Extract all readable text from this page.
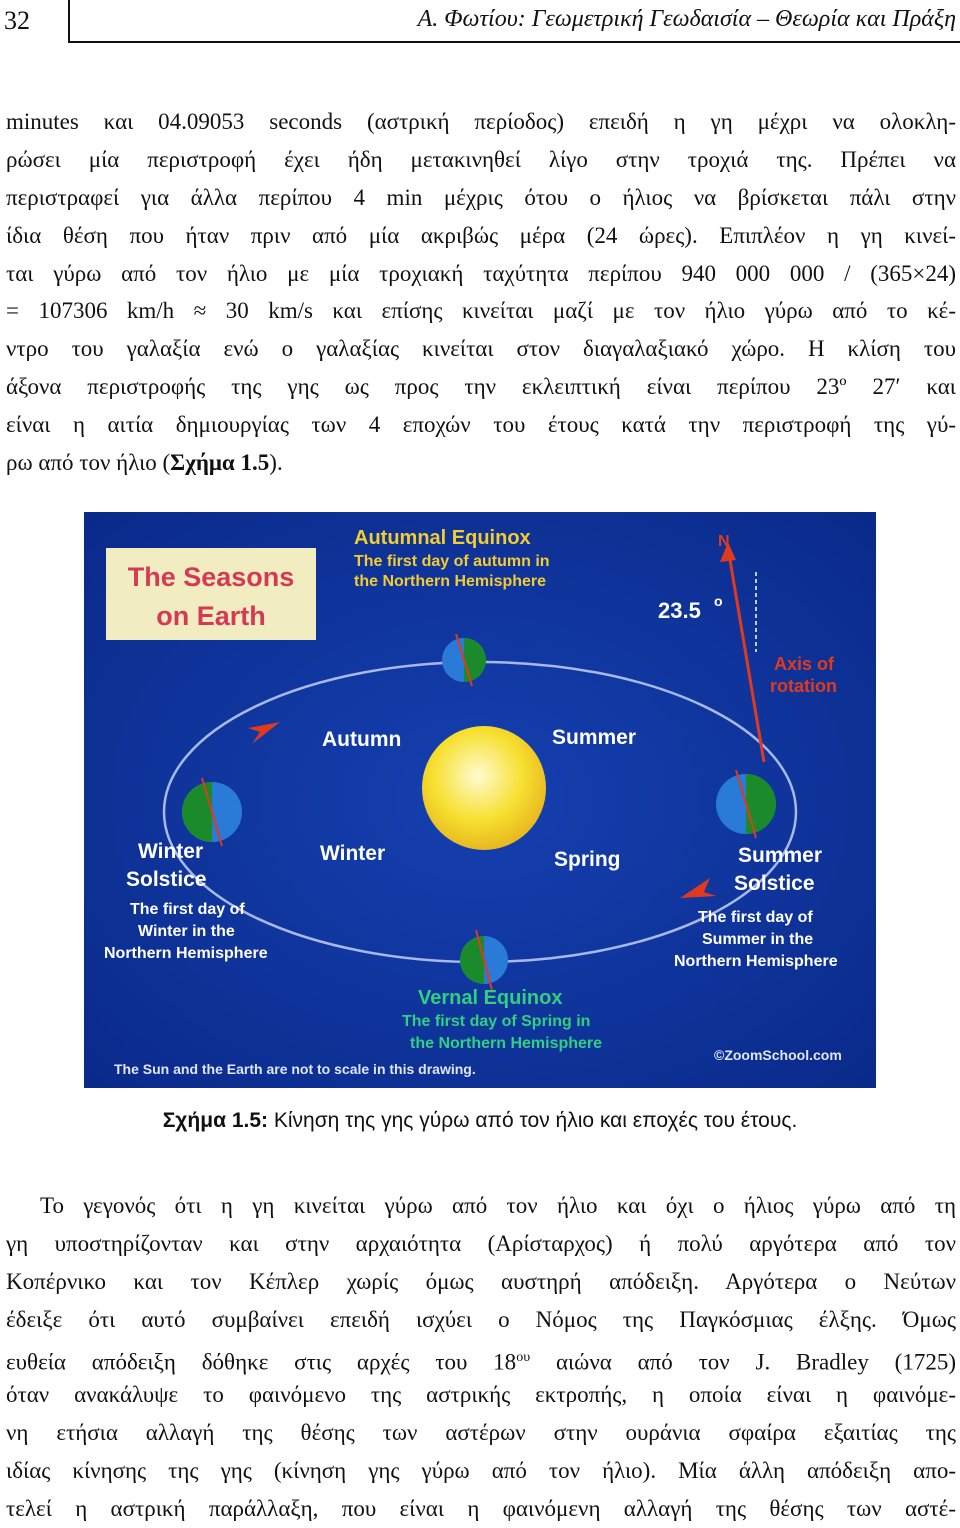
32	Α. Φωτίου: Γεωμετρική Γεωδαισία – Θεωρία και Πράξη
minutes και 04.09053 seconds (αστρική περίοδος) επειδή η γη μέχρι να ολοκλη-
ρώσει μία περιστροφή έχει ήδη μετακινηθεί λίγο στην τροχιά της. Πρέπει να
περιστραφεί για άλλα περίπου 4 min μέχρις ότου ο ήλιος να βρίσκεται πάλι στην
ίδια θέση που ήταν πριν από μία ακριβώς μέρα (24 ώρες). Επιπλέον η γη κινεί-
ται γύρω από τον ήλιο με μία τροχιακή ταχύτητα περίπου 940 000 000 / (365×24)
= 107306 km/h ≈ 30 km/s και επίσης κινείται μαζί με τον ήλιο γύρω από το κέ-
ντρο του γαλαξία ενώ ο γαλαξίας κινείται στον διαγαλαξιακό χώρο. Η κλίση του
άξονα περιστροφής της γης ως προς την εκλειπτική είναι περίπου 23º 27′ και
είναι η αιτία δημιουργίας των 4 εποχών του έτους κατά την περιστροφή της γύ-
ρω από τον ήλιο (Σχήμα 1.5).
The Seasons
on Earth
Autumnal Equinox
The first day of autumn in
the Northern Hemisphere
N
23.5 o
Axis of
rotation
Autumn	Summer
Winter	Spring
Winter
Solstice
The first day of
Winter in the
Northern Hemisphere
Summer
Solstice
The first day of
Summer in the
Northern Hemisphere
Vernal Equinox
The first day of Spring in
the Northern Hemisphere
The Sun and the Earth are not to scale in this drawing.
©ZoomSchool.com
Σχήμα 1.5: Κίνηση της γης γύρω από τον ήλιο και εποχές του έτους.
Το γεγονός ότι η γη κινείται γύρω από τον ήλιο και όχι ο ήλιος γύρω από τη
γη υποστηρίζονταν και στην αρχαιότητα (Αρίσταρχος) ή πολύ αργότερα από τον
Κοπέρνικο και τον Κέπλερ χωρίς όμως αυστηρή απόδειξη. Αργότερα ο Νεύτων
έδειξε ότι αυτό συμβαίνει επειδή ισχύει ο Νόμος της Παγκόσμιας έλξης. Όμως
ευθεία απόδειξη δόθηκε στις αρχές του $18^{o\upsilon}$ αιώνα από τον J. Bradley (1725)
όταν ανακάλυψε το φαινόμενο της αστρικής εκτροπής, η οποία είναι η φαινόμε-
νη ετήσια αλλαγή της θέσης των αστέρων στην ουράνια σφαίρα εξαιτίας της
ιδίας κίνησης της γης (κίνηση γης γύρω από τον ήλιο). Μία άλλη απόδειξη απο-
τελεί η αστρική παράλλαξη, που είναι η φαινόμενη αλλαγή της θέσης των αστέ-
